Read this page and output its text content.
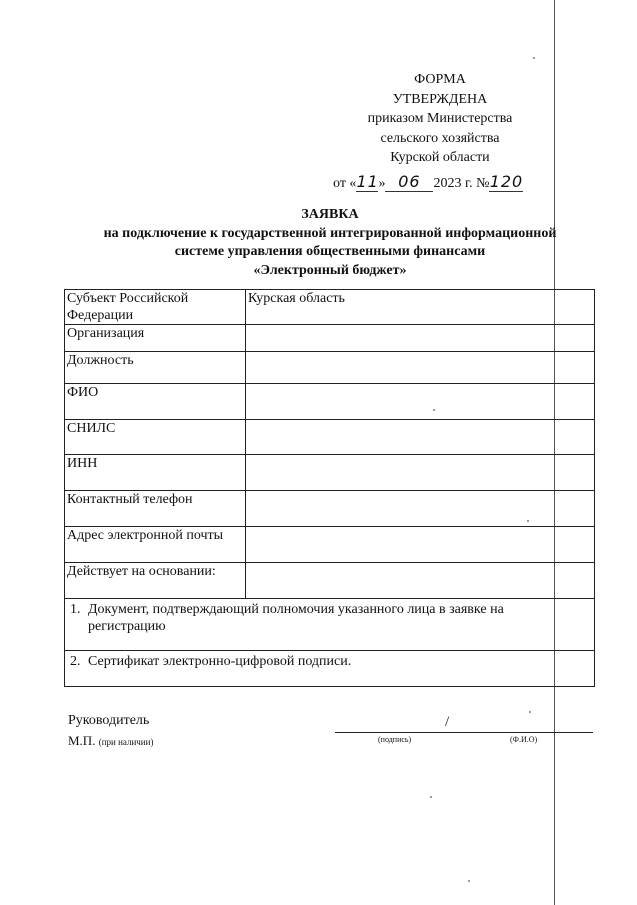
ФОРМА
УТВЕРЖДЕНА
приказом Министерства
сельского хозяйства
Курской области
от «11» 06 2023 г. №120
ЗАЯВКА
на подключение к государственной интегрированной информационной
системе управления общественными финансами
«Электронный бюджет»
Субъект Российской Федерации	Курская область
Организация	
Должность	
ФИО	
СНИЛС	
ИНН	
Контактный телефон	
Адрес электронной почты	
Действует на основании:	
1. Документ, подтверждающий полномочия указанного лица в заявке на
регистрацию	

2. Сертификат электронно-цифровой подписи.	
Руководитель
М.П. (при наличии)
/
(подпись)	(Ф.И.О)
